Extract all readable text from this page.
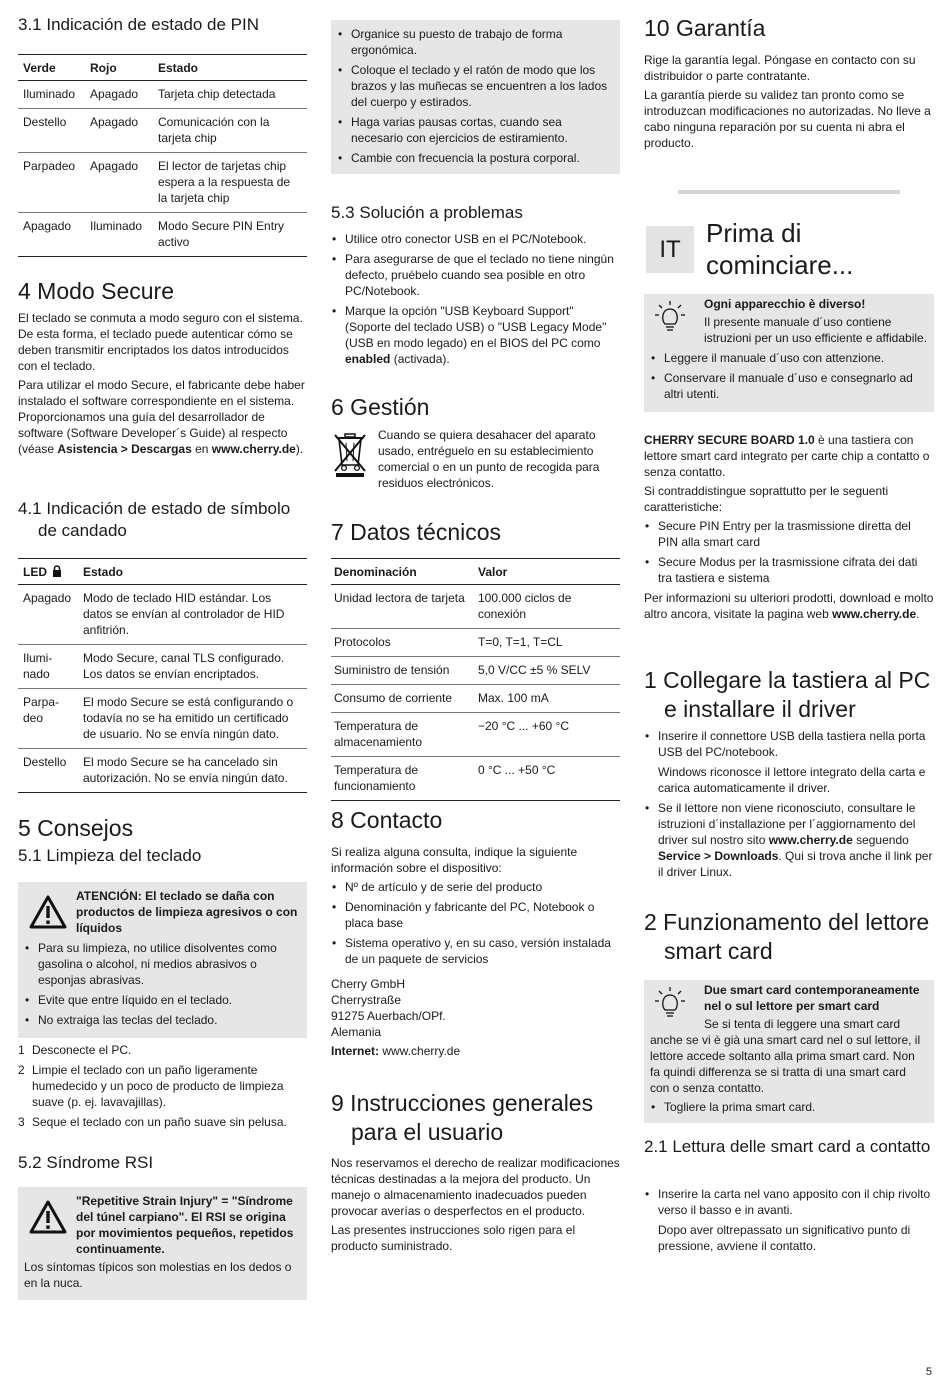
3.1 Indicación de estado de PIN
Verde	Rojo	Estado
Iluminado	Apagado	Tarjeta chip detectada
Destello	Apagado	Comunicación con la tarjeta chip
Parpadeo	Apagado	El lector de tarjetas chip espera a la respuesta de la tarjeta chip
Apagado	Iluminado	Modo Secure PIN Entry activo
4 Modo Secure

El teclado se conmuta a modo seguro con el sistema. De esta forma, el teclado puede autenticar cómo se deben transmitir encriptados los datos introducidos con el teclado.

Para utilizar el modo Secure, el fabricante debe haber instalado el software correspondiente en el sistema. Proporcionamos una guía del desarrollador de software (Software Developer´s Guide) al respecto (véase Asistencia > Descargas en www.cherry.de).

4.1 Indicación de estado de símbolo de candado
LED	Estado
Apagado	Modo de teclado HID estándar. Los datos se envían al controlador de HID anfitrión.
Ilumi-
nado	Modo Secure, canal TLS configurado. Los datos se envían encriptados.
Parpa-
deo	El modo Secure se está configurando o todavía no se ha emitido un certificado de usuario. No se envía ningún dato.
Destello	El modo Secure se ha cancelado sin autorización. No se envía ningún dato.
5 Consejos
5.1 Limpieza del teclado
ATENCIÓN: El teclado se daña con productos de limpieza agresivos o con líquidos
• Para su limpieza, no utilice disolventes como gasolina o alcohol, ni medios abrasivos o esponjas abrasivas.
• Evite que entre líquido en el teclado.
• No extraiga las teclas del teclado.
1 Desconecte el PC.
2 Limpie el teclado con un paño ligeramente humedecido y un poco de producto de limpieza suave (p. ej. lavavajillas).
3 Seque el teclado con un paño suave sin pelusa.
5.2 Síndrome RSI
"Repetitive Strain Injury" = "Síndrome del túnel carpiano". El RSI se origina por movimientos pequeños, repetidos continuamente.

Los síntomas típicos son molestias en los dedos o en la nuca.

• Organice su puesto de trabajo de forma ergonómica.
• Coloque el teclado y el ratón de modo que los brazos y las muñecas se encuentren a los lados del cuerpo y estirados.
• Haga varias pausas cortas, cuando sea necesario con ejercicios de estiramiento.
• Cambie con frecuencia la postura corporal.
5.3 Solución a problemas
• Utilice otro conector USB en el PC/Notebook.
• Para asegurarse de que el teclado no tiene ningún defecto, pruébelo cuando sea posible en otro PC/Notebook.
• Marque la opción "USB Keyboard Support" (Soporte del teclado USB) o "USB Legacy Mode" (USB en modo legado) en el BIOS del PC como enabled (activada).
6 Gestión

Cuando se quiera desahacer del aparato usado, entréguelo en su establecimiento comercial o en un punto de recogida para residuos electrónicos.

7 Datos técnicos
Denominación	Valor
Unidad lectora de tarjeta	100.000 ciclos de conexión
Protocolos	T=0, T=1, T=CL
Suministro de tensión	5,0 V/CC ±5 % SELV
Consumo de corriente	Max. 100 mA
Temperatura de almacenamiento	−20 °C ... +60 °C
Temperatura de funcionamiento	0 °C ... +50 °C
8 Contacto

Si realiza alguna consulta, indique la siguiente información sobre el dispositivo:

• Nº de artículo y de serie del producto
• Denominación y fabricante del PC, Notebook o placa base
• Sistema operativo y, en su caso, versión instalada de un paquete de servicios
Cherry GmbH
Cherrystraße
91275 Auerbach/OPf.
Alemania

Internet: www.cherry.de

9 Instrucciones generales para el usuario

Nos reservamos el derecho de realizar modificaciones técnicas destinadas a la mejora del producto. Un manejo o almacenamiento inadecuados pueden provocar averías o desperfectos en el producto.

Las presentes instrucciones solo rigen para el producto suministrado.

10 Garantía

Rige la garantía legal. Póngase en contacto con su distribuidor o parte contratante.

La garantía pierde su validez tan pronto como se introduzcan modificaciones no autorizadas. No lleve a cabo ninguna reparación por su cuenta ni abra el producto.

IT
Prima di cominciare...
Ogni apparecchio è diverso!

Il presente manuale d´uso contiene istruzioni per un uso efficiente e affidabile.

• Leggere il manuale d´uso con attenzione.
• Conservare il manuale d´uso e consegnarlo ad altri utenti.

CHERRY SECURE BOARD 1.0 è una tastiera con lettore smart card integrato per carte chip a contatto o senza contatto.

Si contraddistingue soprattutto per le seguenti caratteristiche:

• Secure PIN Entry per la trasmissione diretta del PIN alla smart card
• Secure Modus per la trasmissione cifrata dei dati tra tastiera e sistema

Per informazioni su ulteriori prodotti, download e molto altro ancora, visitate la pagina web www.cherry.de.

1 Collegare la tastiera al PC e installare il driver
• Inserire il connettore USB della tastiera nella porta USB del PC/notebook.
Windows riconosce il lettore integrato della carta e carica automaticamente il driver.
• Se il lettore non viene riconosciuto, consultare le istruzioni d´installazione per l´aggiornamento del driver sul nostro sito www.cherry.de seguendo Service > Downloads. Qui si trova anche il link per il driver Linux.
2 Funzionamento del lettore smart card
Due smart card contemporaneamente nel o sul lettore per smart card

Se si tenta di leggere una smart card anche se vi è già una smart card nel o sul lettore, il lettore accede soltanto alla prima smart card. Non fa quindi differenza se si tratta di una smart card con o senza contatto.

• Togliere la prima smart card.
2.1 Lettura delle smart card a contatto
• Inserire la carta nel vano apposito con il chip rivolto verso il basso e in avanti.
Dopo aver oltrepassato un significativo punto di pressione, avviene il contatto.
5
